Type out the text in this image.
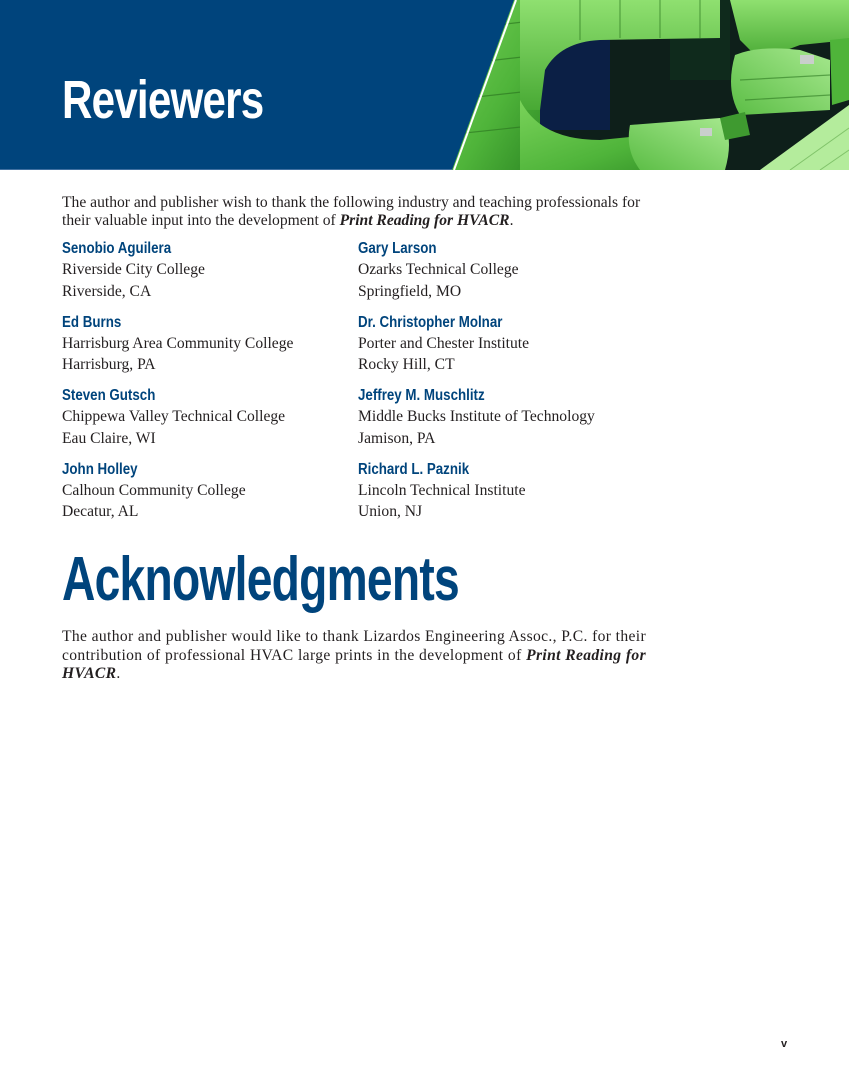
Reviewers

The author and publisher wish to thank the following industry and teaching professionals for their valuable input into the development of Print Reading for HVACR.

Senobio Aguilera
Riverside City College
Riverside, CA
Gary Larson
Ozarks Technical College
Springfield, MO
Ed Burns
Harrisburg Area Community College
Harrisburg, PA
Dr. Christopher Molnar
Porter and Chester Institute
Rocky Hill, CT
Steven Gutsch
Chippewa Valley Technical College
Eau Claire, WI
Jeffrey M. Muschlitz
Middle Bucks Institute of Technology
Jamison, PA
John Holley
Calhoun Community College
Decatur, AL
Richard L. Paznik
Lincoln Technical Institute
Union, NJ
Acknowledgments

The author and publisher would like to thank Lizardos Engineering Assoc., P.C. for their contribution of professional HVAC large prints in the development of Print Reading for HVACR.

v
